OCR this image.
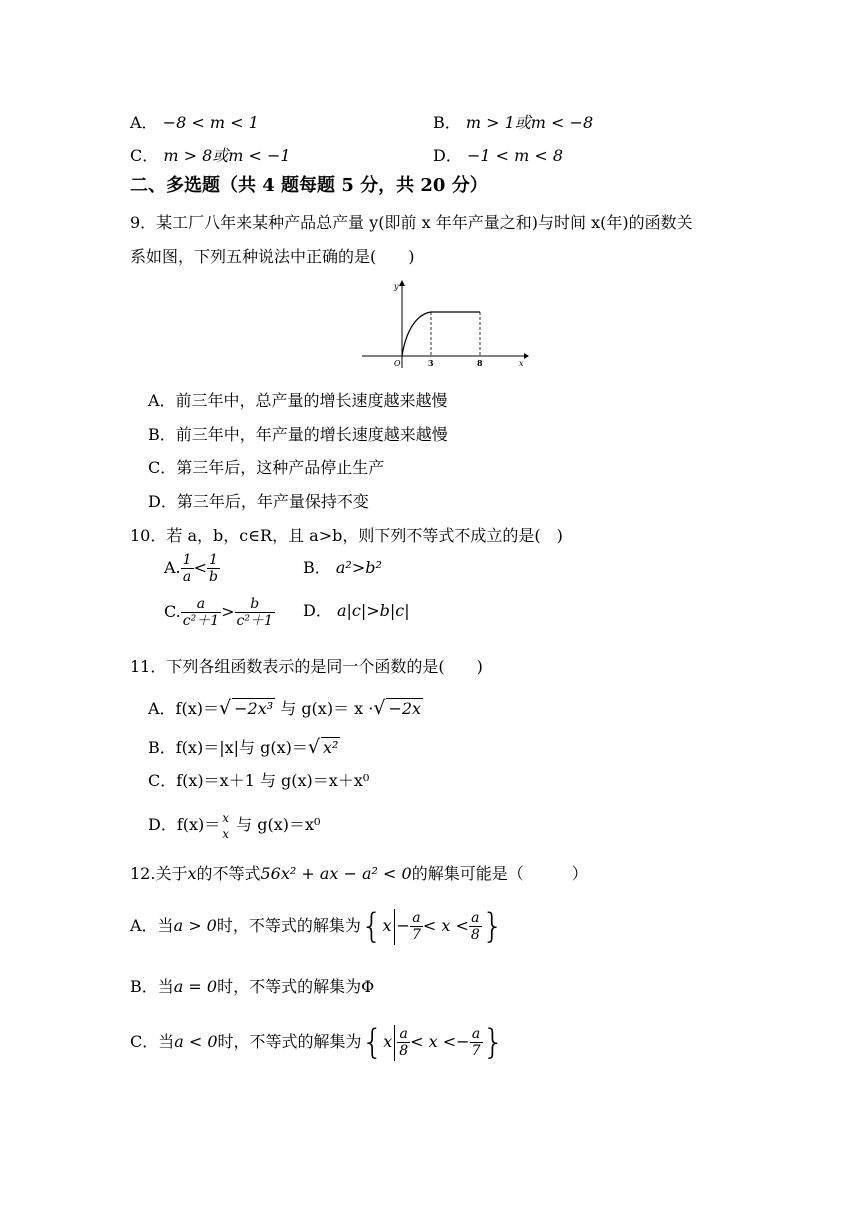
A． −8 < m < 1	B． m > 1或m < −8
C． m > 8或m < −1	D． −1 < m < 8
二、多选题（共 4 题每题 5 分，共 20 分）
9．某工厂八年来某种产品总产量 y(即前 x 年年产量之和)与时间 x(年)的函数关
系如图，下列五种说法中正确的是(　　)
y
x
O	3	8
A．前三年中，总产量的增长速度越来越慢
B．前三年中，年产量的增长速度越来越慢
C．第三年后，这种产品停止生产
D．第三年后，年产量保持不变
10．若 a，b，c∈R，且 a>b，则下列不等式不成立的是(　)
A. $\frac{1}{a} < \frac{1}{b}$	B． a²>b²
C. $\frac{a}{\text{c²＋1}} > \frac{b}{\text{c²＋1}}$ D． a|c|>b|c|
11．下列各组函数表示的是同一个函数的是(　　)
A．f(x)＝√ −2x³ 与 g(x)＝ x ·√ −2x
B．f(x)＝|x|与 g(x)＝√ x²
C．f(x)＝x＋1 与 g(x)＝x＋x⁰
D．f(x)＝ x
x 与 g(x)＝x⁰
12.关于x的不等式56x² + ax − a² < 0的解集可能是（　　　）
A．当a > 0时，不等式的解集为{$x - \frac{a}{7} < x < \frac{a}{8}$ }
B．当a = 0时，不等式的解集为Φ
C．当a < 0时，不等式的解集为{$x \frac{a}{8} < x <- \frac{a}{7}$ }
